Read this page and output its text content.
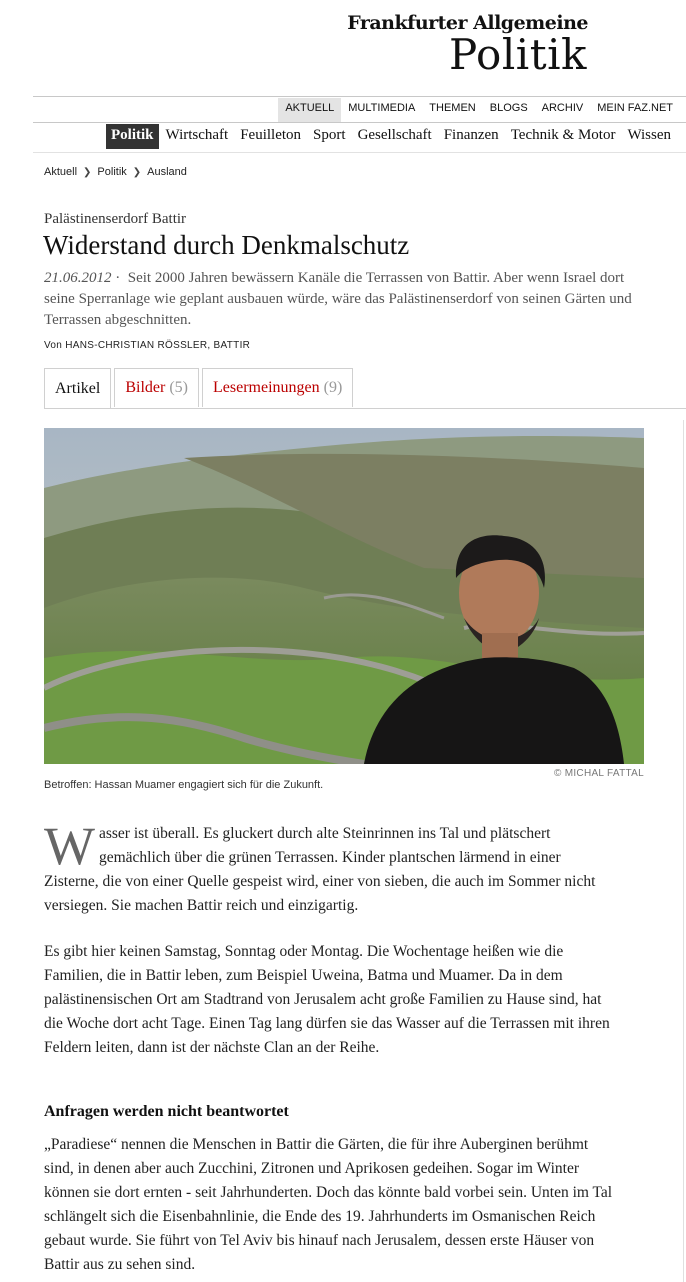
Frankfurter Allgemeine
Politik
AKTUELL	MULTIMEDIA	THEMEN	BLOGS	ARCHIV	MEIN FAZ.NET
Politik Wirtschaft Feuilleton Sport Gesellschaft Finanzen Technik & Motor Wissen
Aktuell ❯ Politik ❯ Ausland
Palästinenserdorf Battir
Widerstand durch Denkmalschutz
21.06.2012 ·  Seit 2000 Jahren bewässern Kanäle die Terrassen von Battir. Aber wenn Israel dort seine Sperranlage wie geplant ausbauen würde, wäre das Palästinenserdorf von seinen Gärten und Terrassen abgeschnitten.
Von HANS-CHRISTIAN RÖSSLER, BATTIR
Artikel Bilder (5) Lesermeinungen (9)
© MICHAL FATTAL
Betroffen: Hassan Muamer engagiert sich für die Zukunft.
Wasser ist überall. Es gluckert durch alte Steinrinnen ins Tal und plätschert gemächlich über die grünen Terrassen. Kinder plantschen lärmend in einer Zisterne, die von einer Quelle gespeist wird, einer von sieben, die auch im Sommer nicht versiegen. Sie machen Battir reich und einzigartig.
Es gibt hier keinen Samstag, Sonntag oder Montag. Die Wochentage heißen wie die Familien, die in Battir leben, zum Beispiel Uweina, Batma und Muamer. Da in dem palästinensischen Ort am Stadtrand von Jerusalem acht große Familien zu Hause sind, hat die Woche dort acht Tage. Einen Tag lang dürfen sie das Wasser auf die Terrassen mit ihren Feldern leiten, dann ist der nächste Clan an der Reihe.
Anfragen werden nicht beantwortet
„Paradiese“ nennen die Menschen in Battir die Gärten, die für ihre Auberginen berühmt sind, in denen aber auch Zucchini, Zitronen und Aprikosen gedeihen. Sogar im Winter können sie dort ernten - seit Jahrhunderten. Doch das könnte bald vorbei sein. Unten im Tal schlängelt sich die Eisenbahnlinie, die Ende des 19. Jahrhunderts im Osmanischen Reich gebaut wurde. Sie führt von Tel Aviv bis hinauf nach Jerusalem, dessen erste Häuser von Battir aus zu sehen sind.
